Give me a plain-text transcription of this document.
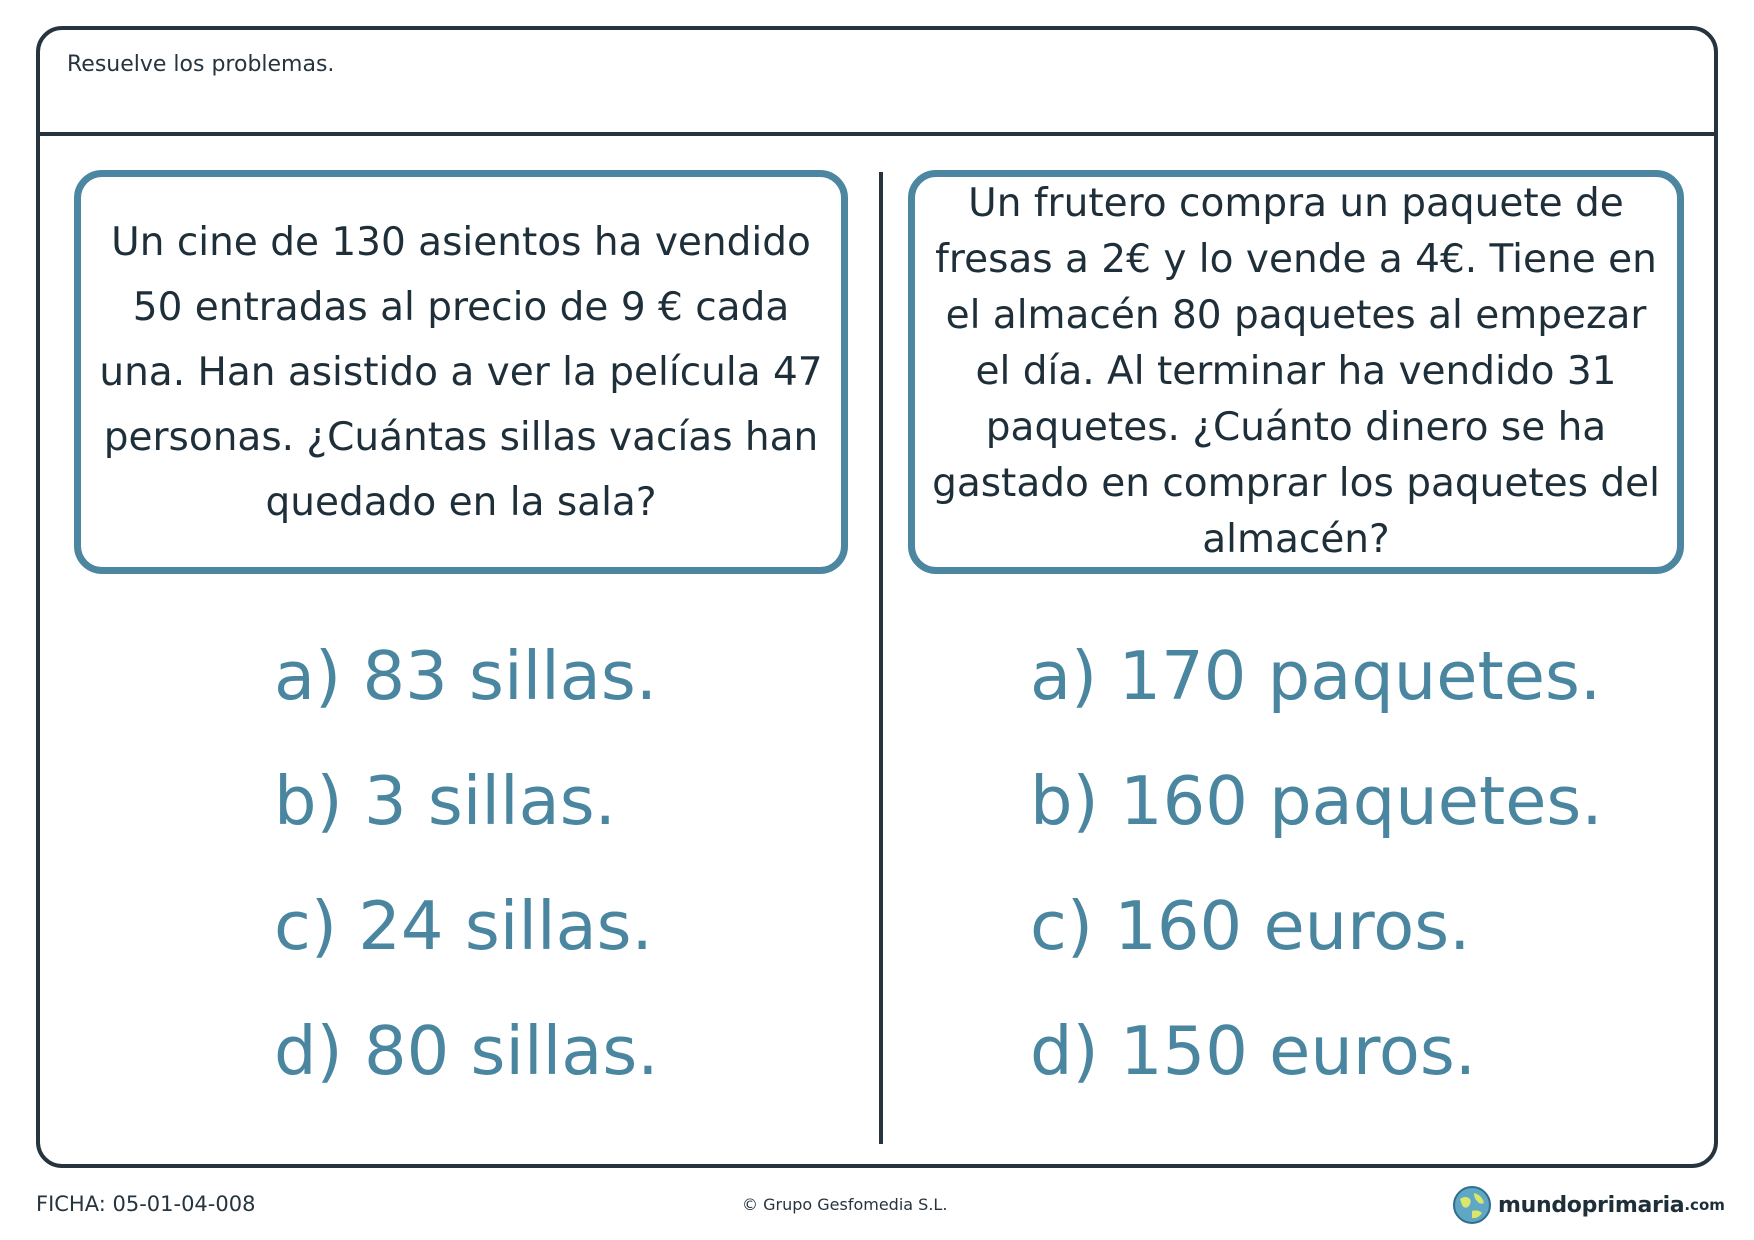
Resuelve los problemas.
Un cine de 130 asientos ha vendido 50 entradas al precio de 9 € cada una. Han asistido a ver la película 47 personas. ¿Cuántas sillas vacías han quedado en la sala?
Un frutero compra un paquete de fresas a 2€ y lo vende a 4€. Tiene en el almacén 80 paquetes al empezar el día. Al terminar ha vendido 31 paquetes. ¿Cuánto dinero se ha gastado en comprar los paquetes del almacén?
a) 83 sillas.
b) 3 sillas.
c) 24 sillas.
d) 80 sillas.
a) 170 paquetes.
b) 160 paquetes.
c) 160 euros.
d) 150 euros.
FICHA: 05-01-04-008	© Grupo Gesfomedia S.L.	mundoprimaria .com
